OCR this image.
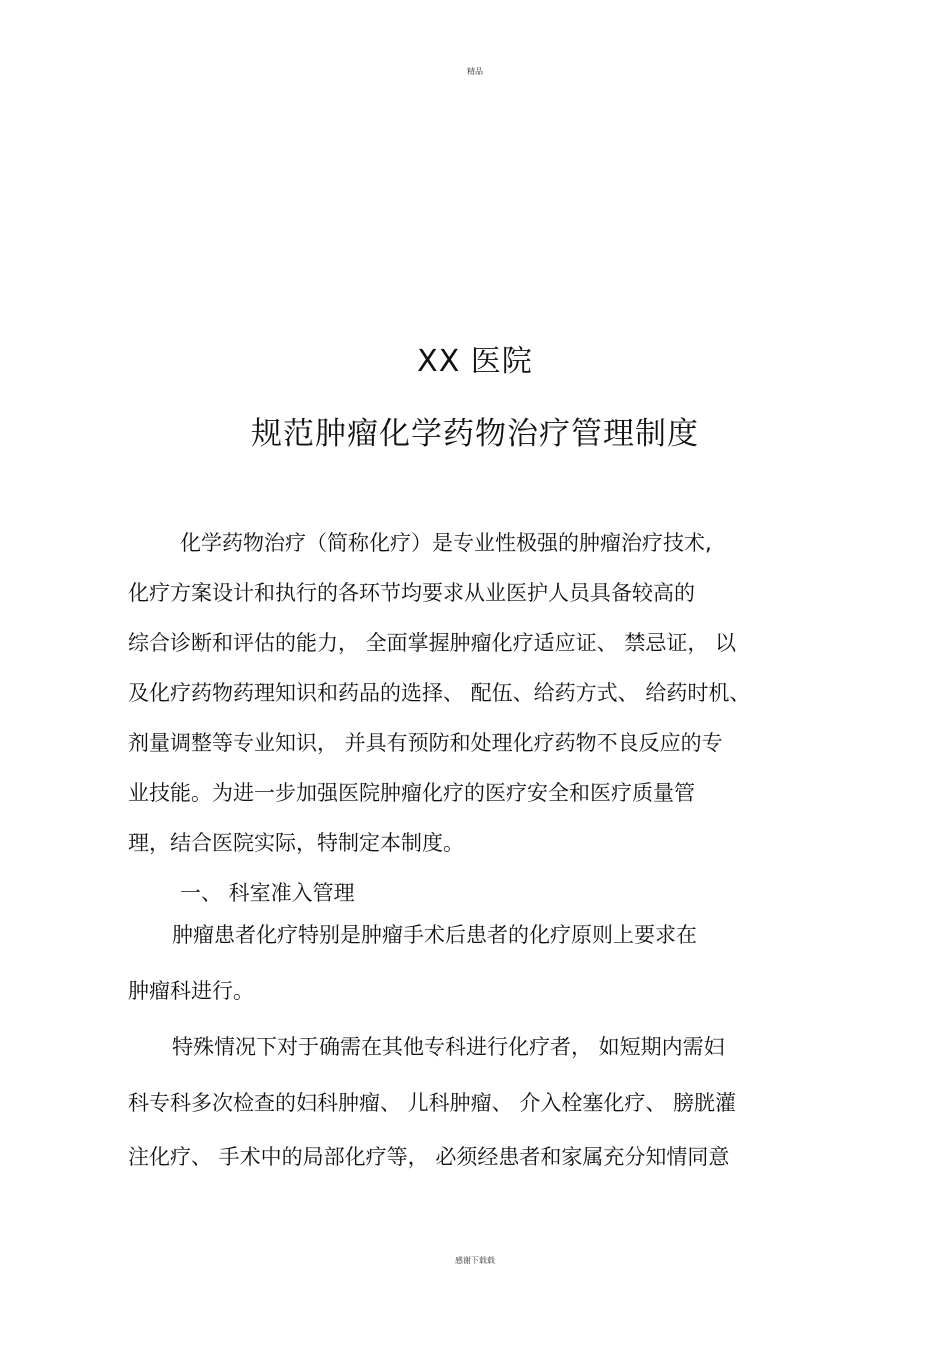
精品
XX 医院
规范肿瘤化学药物治疗管理制度
化学药物治疗（简称化疗）是专业性极强的肿瘤治疗技术,
化疗方案设计和执行的各环节均要求从业医护人员具备较高的
综合诊断和评估的能力， 全面掌握肿瘤化疗适应证、 禁忌证， 以
及化疗药物药理知识和药品的选择、 配伍、给药方式、 给药时机、
剂量调整等专业知识， 并具有预防和处理化疗药物不良反应的专
业技能。为进一步加强医院肿瘤化疗的医疗安全和医疗质量管
理，结合医院实际，特制定本制度。
一、 科室准入管理
肿瘤患者化疗特别是肿瘤手术后患者的化疗原则上要求在
肿瘤科进行。
特殊情况下对于确需在其他专科进行化疗者， 如短期内需妇
科专科多次检查的妇科肿瘤、 儿科肿瘤、 介入栓塞化疗、 膀胱灌
注化疗、 手术中的局部化疗等， 必须经患者和家属充分知情同意
感谢下载载
